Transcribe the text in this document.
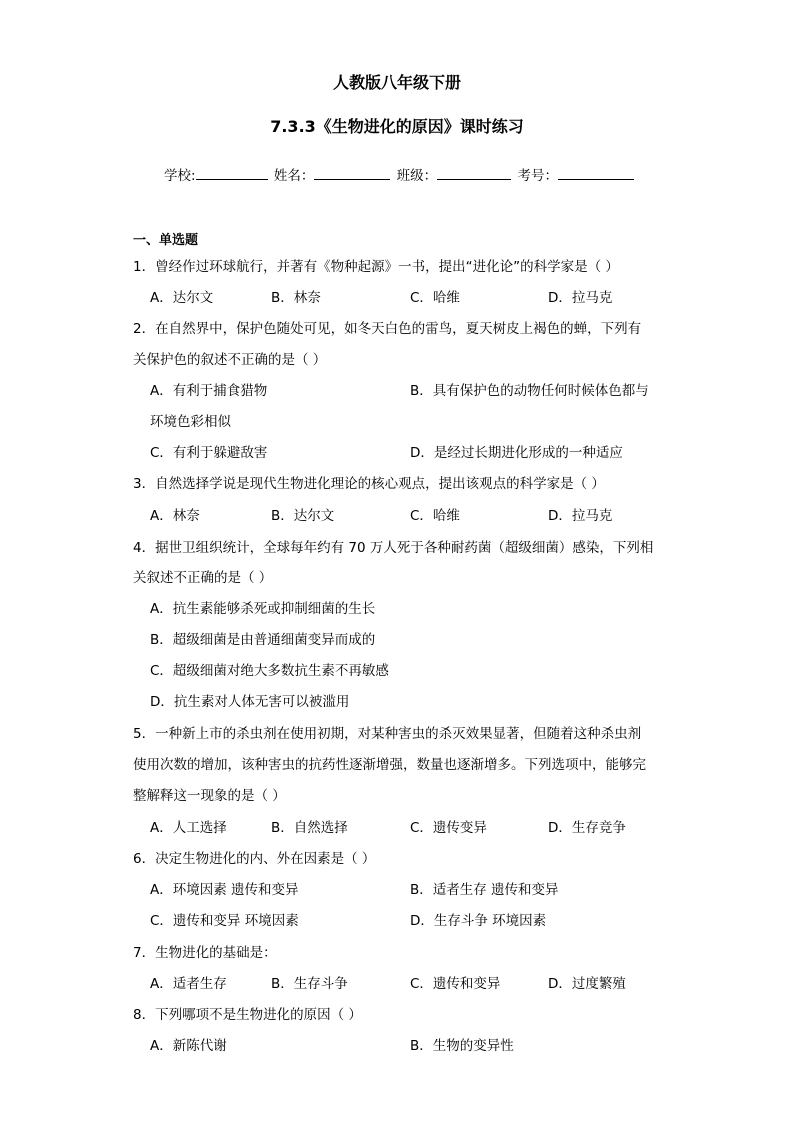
人教版八年级下册
7.3.3《生物进化的原因》课时练习
学校:	姓名：	班级：	考号：
一、单选题
1．曾经作过环球航行，并著有《物种起源》一书，提出“进化论”的科学家是（ ）
A．达尔文	B．林奈	C．哈维	D．拉马克
2．在自然界中，保护色随处可见，如冬天白色的雷鸟，夏天树皮上褐色的蝉，下列有
关保护色的叙述不正确的是（ ）
A．有利于捕食猎物	B．具有保护色的动物任何时候体色都与
环境色彩相似
C．有利于躲避敌害	D．是经过长期进化形成的一种适应
3．自然选择学说是现代生物进化理论的核心观点，提出该观点的科学家是（ ）
A．林奈	B．达尔文	C．哈维	D．拉马克
4．据世卫组织统计，全球每年约有 70 万人死于各种耐药菌（超级细菌）感染，下列相
关叙述不正确的是（ ）
A．抗生素能够杀死或抑制细菌的生长
B．超级细菌是由普通细菌变异而成的
C．超级细菌对绝大多数抗生素不再敏感
D．抗生素对人体无害可以被滥用
5．一种新上市的杀虫剂在使用初期，对某种害虫的杀灭效果显著，但随着这种杀虫剂
使用次数的增加，该种害虫的抗药性逐渐增强，数量也逐渐增多。下列选项中，能够完
整解释这一现象的是（ ）
A．人工选择	B．自然选择	C．遗传变异	D．生存竞争
6．决定生物进化的内、外在因素是（ ）
A．环境因素 遗传和变异	B．适者生存 遗传和变异
C．遗传和变异 环境因素	D．生存斗争 环境因素
7．生物进化的基础是：
A．适者生存	B．生存斗争	C．遗传和变异	D．过度繁殖
8．下列哪项不是生物进化的原因（ ）
A．新陈代谢	B．生物的变异性
